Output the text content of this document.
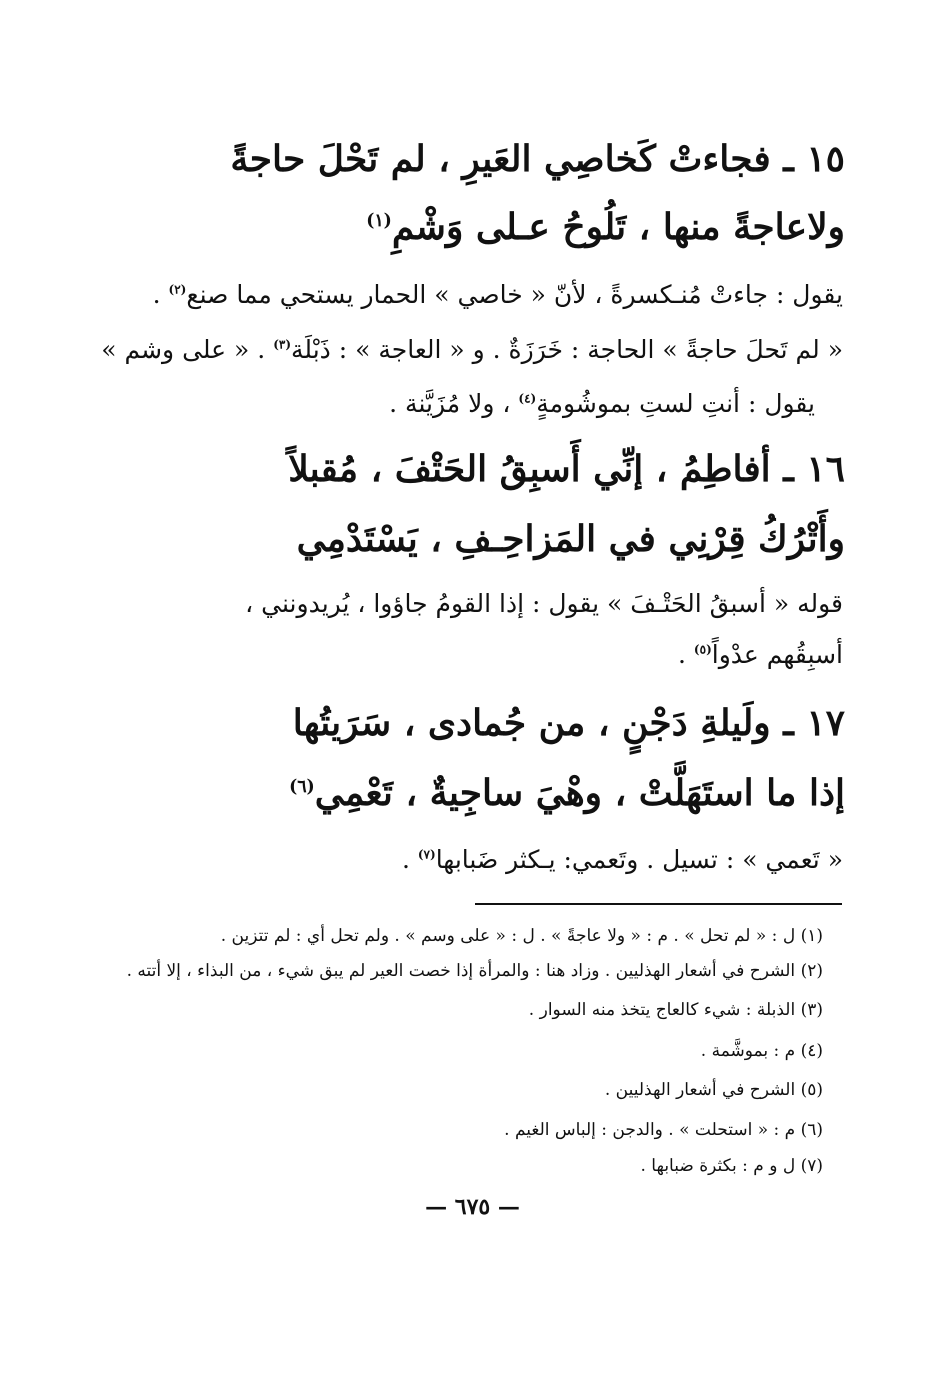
١٥ ـ فجاءتْ كَخاصِي العَيرِ ، لم تَحْلَ حاجةً
ولاعاجةً منها ، تَلُوحُ عـلى وَشْمِ$^{(١)}$
يقول : جاءتْ مُنـكسرةً ، لأنّ « خاصي » الحمار يستحي مما صنع$^{(٢)}$ .
« لم تَحلَ حاجةً » الحاجة : خَرَزَةٌ . و « العاجة » : ذَبْلَة$^{(٣)}$ . « على وشم »
يقول : أنتِ لستِ بموشُومةٍ$^{(٤)}$ ، ولا مُزَيَّنة .
١٦ ـ أفاطِمُ ، إنِّي أَسبِقُ الحَتْفَ ، مُقبلاً
وأَتْرُكُ قِرْنِي في المَزاحِـفِ ، يَسْتَدْمِي
قوله « أسبقُ الحَتْـفَ » يقول : إذا القومُ جاؤوا ، يُريدونني ،
أسبِقُهم عدْواً$^{(٥)}$ .
١٧ ـ ولَيلةِ دَجْنٍ ، من جُمادى ، سَرَيتُها
إذا ما استَهَلَّتْ ، وهْيَ ساجِيةٌ ، تَعْمِي$^{(٦)}$
« تَعمي » : تسيل . وتَعمي: يـكثر ضَبابها$^{(٧)}$ .
(١) ل : « لم تحل » . م : « ولا عاجةً » . ل : « على وسم » . ولم تحل أي : لم تتزين .
(٢) الشرح في أشعار الهذليين . وزاد هنا : والمرأة إذا خصت العير لم يبق شيء ، من البذاء ، إلا أتته .
(٣) الذبلة : شيء كالعاج يتخذ منه السوار .
(٤) م : بموشَّمة .
(٥) الشرح في أشعار الهذليين .
(٦) م : « استحلت » . والدجن : إلباس الغيم .
(٧) ل و م : بكثرة ضبابها .
— ٦٧٥ —
